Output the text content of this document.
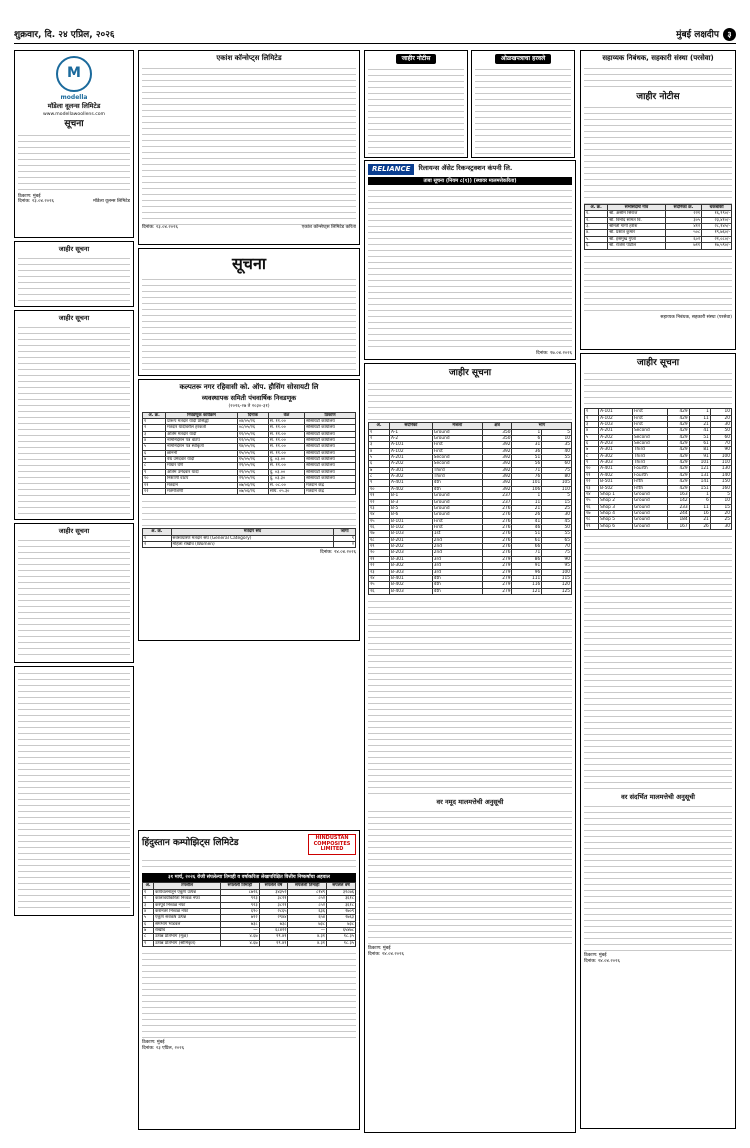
शुक्रवार, दि. २४ एप्रिल, २०२६	मुंबई लक्षदीप ३
M
modella
मॉडेला वूलन्स लिमिटेड
www.modellawoollens.com
सूचना
ठिकाण: मुंबई
दिनांक: २३.०४.२०२६	मॉडेला वूलन्स लिमिटेड
जाहीर सूचना
जाहीर सूचना
जाहीर सूचना
एकांश कॉन्सेप्ट्स लिमिटेड
दिनांक: २३.०४.२०२६	एकांश कॉन्सेप्ट्स लिमिटेड करिता
सूचना
कल्पतरू नगर रहिवासी को. ऑप. हौसिंग सोसायटी लि
व्यवस्थापक समिती पंचवार्षिक निवडणूक
(२०२६-२७ ते २०३०-३१)
अ. क्र.	निवडणूक कार्यक्रम	दिनांक	वेळ	ठिकाण
१	प्रारूप मतदार यादी प्रसिद्धी	०४/०५/२६	स. ११.००	सोसायटी कार्यालय
२	मतदार यादीवरील हरकती	०८/०५/२६	स. ११.००	सोसायटी कार्यालय
३	अंतिम मतदार यादी	११/०५/२६	स. ११.००	सोसायटी कार्यालय
४	नामनिर्देशन पत्र वाटप	१२/०५/२६	स. ११.००	सोसायटी कार्यालय
५	नामनिर्देशन पत्र स्वीकृती	१४/०५/२६	स. ११.००	सोसायटी कार्यालय
६	छाननी	१५/०५/२६	स. ११.००	सोसायटी कार्यालय
७	वैध उमेदवार यादी	१५/०५/२६	दु. ०३.००	सोसायटी कार्यालय
८	माघार घेणे	२९/०५/२६	स. ११.००	सोसायटी कार्यालय
९	अंतिम उमेदवार यादी	२९/०५/२६	दु. ०३.००	सोसायटी कार्यालय
१०	निशाणी वाटप	२९/०५/२६	दु. ०३.३०	सोसायटी कार्यालय
११	मतदान	०७/०६/२६	स. ०८.००	मतदान केंद्र
१२	मतमोजणी	०७/०६/२६	सायं. ०५.३०	मतदान केंद्र
अ. क्र.	मतदार संघ	जागा
१	सर्वसाधारण मतदार संघ (General Category)	९
२	महिला राखीव (Women)	२
दिनांक: २४.०४.२०२६
हिंदुस्तान कम्पोझिट्स लिमिटेड	HINDUSTAN COMPOSITES LIMITED
३१ मार्च, २०२६ रोजी संपलेल्या तिमाही व वर्षाकरिता लेखापरिक्षित वित्तीय निष्कर्षांचा अहवाल
अ.	तपशील	संपलेली तिमाही	संपलेले वर्ष	संपलेली तिमाही	संपलेले वर्ष
१	कार्यचलनातून एकूण उत्पन्न	८७२६	३४३५२	८१४९	३२८७६
२	कालावधीकरिता निव्वळ नफा	९२३	३८२१	८५२	३६१८
३	करपूर्व निव्वळ नफा	९२३	३८२१	८५२	३६१८
४	करानंतर निव्वळ नफा	६९०	२८६५	६३६	२७०९
५	एकूण सर्वंकष उत्पन्न	७१२	२९४४	६५४	२७६३
६	समभाग भांडवल	७३८	७३८	७३८	७३८
७	राखीव	—	६८४२२	—	६५४७८
८	उत्पन्न प्रतिभाग (मूळ)	४.६७	१९.४१	४.३१	१८.३५
९	उत्पन्न प्रतिभाग (सौमिकृत)	४.६७	१९.४१	४.३१	१८.३५
ठिकाण: मुंबई
दिनांक: २३ एप्रिल, २०२६
जाहीर नोटीस	ओळखपत्राचा हरवले
RELIANCE	रिलायन्स ॲसेट रिकन्स्ट्रक्शन कंपनी लि.
ताबा सूचना (नियम ८(१)) (स्थावर मालमत्तेकरिता)
दिनांक: १७.०४.२०२६
जाहीर सूचना
अ.	सदनिका	मजला	क्षेत्र	भाग	
१	A-1	Ground	350	1	5
२	A-2	Ground	350	6	10
३	A-101	First	392	31	35
४	A-102	First	392	36	40
५	A-201	Second	392	51	55
६	A-202	Second	392	56	60
७	A-301	Third	392	71	75
८	A-302	Third	392	76	80
९	A-401	4th	392	101	105
१०	A-402	4th	392	106	110
११	B-1	Ground	237	1	5
१२	B-3	Ground	237	11	15
१३	B-5	Ground	276	21	25
१४	B-6	Ground	276	26	30
१५	B-101	First	276	41	45
१६	B-102	First	276	46	50
१७	B-103	1st	276	51	55
१८	B-201	2nd	276	61	65
१९	B-202	2nd	276	66	70
२०	B-203	2nd	276	71	75
२१	B-301	3rd	279	86	90
२२	B-302	3rd	279	91	95
२३	B-303	3rd	279	96	100
२४	B-401	4th	279	111	115
२५	B-402	4th	279	116	120
२६	B-403	4th	279	121	125
वर नमूद मालमत्तेची अनुसूची
ठिकाण: मुंबई
दिनांक: २४.०४.२०२६
सहाय्यक निबंधक, सहकारी संस्था (परसेवा)
जाहीर नोटीस
अ. क्र.	सभासदाचे नाव	सदनिका क्र.	थकबाकी
१.	श्री. असीम सिराज	२२१	१६,९९०/-
२.	श्री. विनोद सामंत वि.	३०५	२३,४१०/-
३.	श्रीमती गार्गी हरीश	४१२	२८,१४५/-
४.	श्री. प्रशांत कुमार	५०८	१९,७६०/-
५.	श्री. हसमुख गुप्ता	६०२	२१,०८०/-
६.	श्री. राजेश पाटील	७११	१७,५९०/-
सहाय्यक निबंधक, सहकारी संस्था (परसेवा)
जाहीर सूचना
१	A-101	First	429	1	10
२	A-102	First	429	11	20
३	A-103	First	429	21	30
४	A-201	Second	429	41	50
५	A-202	Second	429	51	60
६	A-203	Second	429	61	70
७	A-301	Third	429	81	90
८	A-302	Third	429	91	100
९	A-303	Third	429	101	110
१०	A-401	Fourth	429	121	130
११	A-402	Fourth	429	131	140
१२	B-501	Fifth	429	141	150
१३	B-502	Fifth	429	151	160
१४	Shop 1	Ground	163	1	5
१५	Shop 2	Ground	142	6	10
१६	Shop 3	Ground	233	11	15
१७	Shop 4	Ground	244	16	20
१८	Shop 5	Ground	184	21	25
१९	Shop 6	Ground	167	26	30
वर संदर्भित मालमत्तेची अनुसूची
ठिकाण: मुंबई
दिनांक: २४.०४.२०२६
